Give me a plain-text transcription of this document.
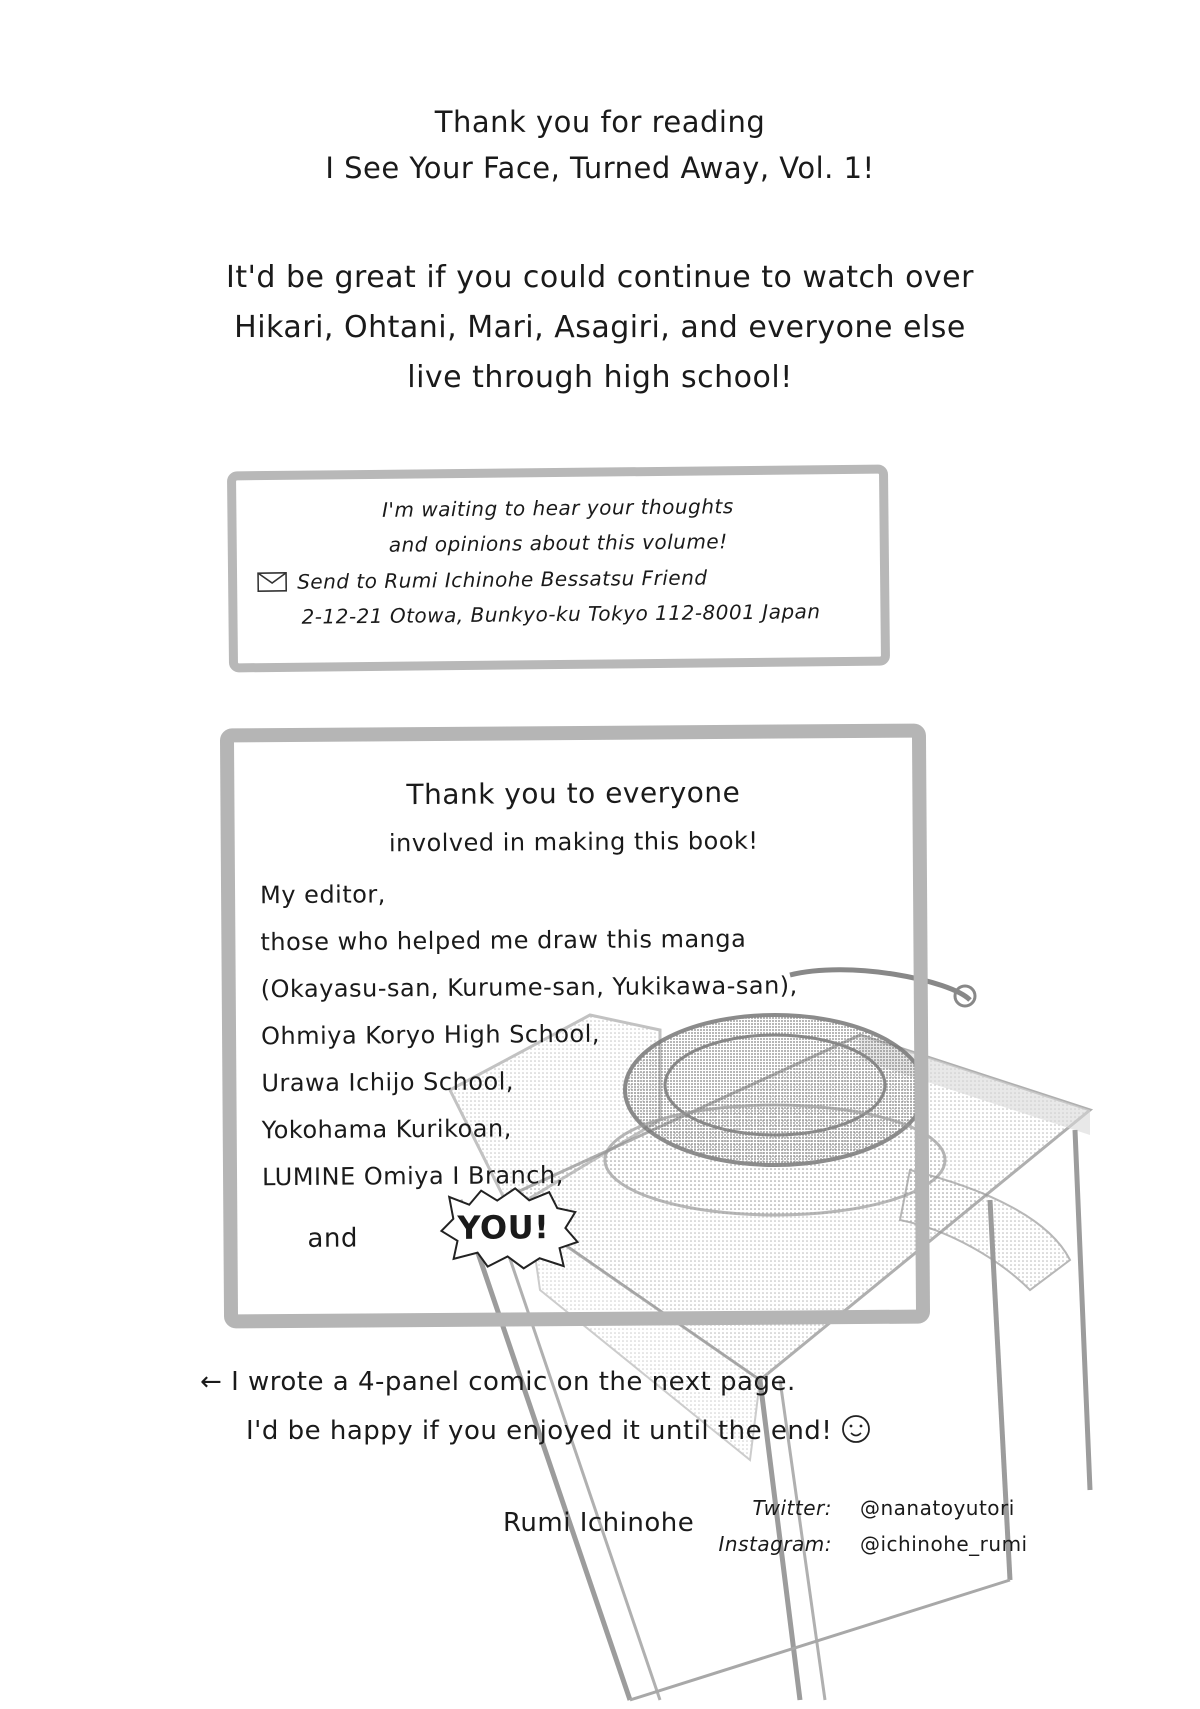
Thank you for reading
I See Your Face, Turned Away, Vol. 1!
It'd be great if you could continue to watch over
Hikari, Ohtani, Mari, Asagiri, and everyone else
live through high school!
I'm waiting to hear your thoughts
and opinions about this volume!
Send to Rumi Ichinohe Bessatsu Friend
2-12-21 Otowa, Bunkyo-ku Tokyo 112-8001 Japan
Thank you to everyone
involved in making this book!
My editor,
those who helped me draw this manga
(Okayasu-san, Kurume-san, Yukikawa-san),
Ohmiya Koryo High School,
Urawa Ichijo School,
Yokohama Kurikoan,
LUMINE Omiya I Branch,
and	YOU!
← I wrote a 4-panel comic on the next page.
I'd be happy if you enjoyed it until the end!
Rumi Ichinohe	Twitter:	@nanatoyutori
Instagram:	@ichinohe_rumi
